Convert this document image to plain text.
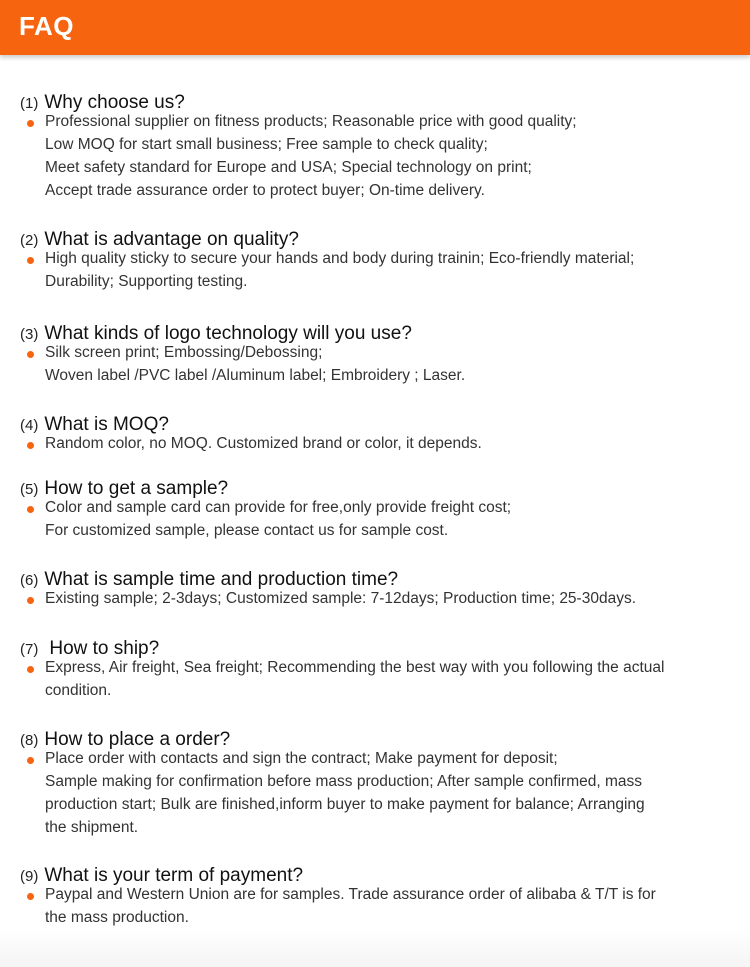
FAQ
(1) Why choose us?
Professional supplier on fitness products; Reasonable price with good quality;
Low MOQ for start small business; Free sample to check quality;
Meet safety standard for Europe and USA; Special technology on print;
Accept trade assurance order to protect buyer; On-time delivery.
(2) What is advantage on quality?
High quality sticky to secure your hands and body during trainin; Eco-friendly material;
Durability; Supporting testing.
(3) What kinds of logo technology will you use?
Silk screen print; Embossing/Debossing;
Woven label /PVC label /Aluminum label; Embroidery ; Laser.
(4) What is MOQ?
Random color, no MOQ. Customized brand or color, it depends.
(5) How to get a sample?
Color and sample card can provide for free,only provide freight cost;
For customized sample, please contact us for sample cost.
(6) What is sample time and production time?
Existing sample; 2-3days; Customized sample: 7-12days; Production time; 25-30days.
(7) How to ship?
Express, Air freight, Sea freight; Recommending the best way with you following the actual
condition.
(8) How to place a order?
Place order with contacts and sign the contract; Make payment for deposit;
Sample making for confirmation before mass production; After sample confirmed, mass
production start; Bulk are finished,inform buyer to make payment for balance; Arranging
the shipment.
(9) What is your term of payment?
Paypal and Western Union are for samples. Trade assurance order of alibaba & T/T is for
the mass production.
